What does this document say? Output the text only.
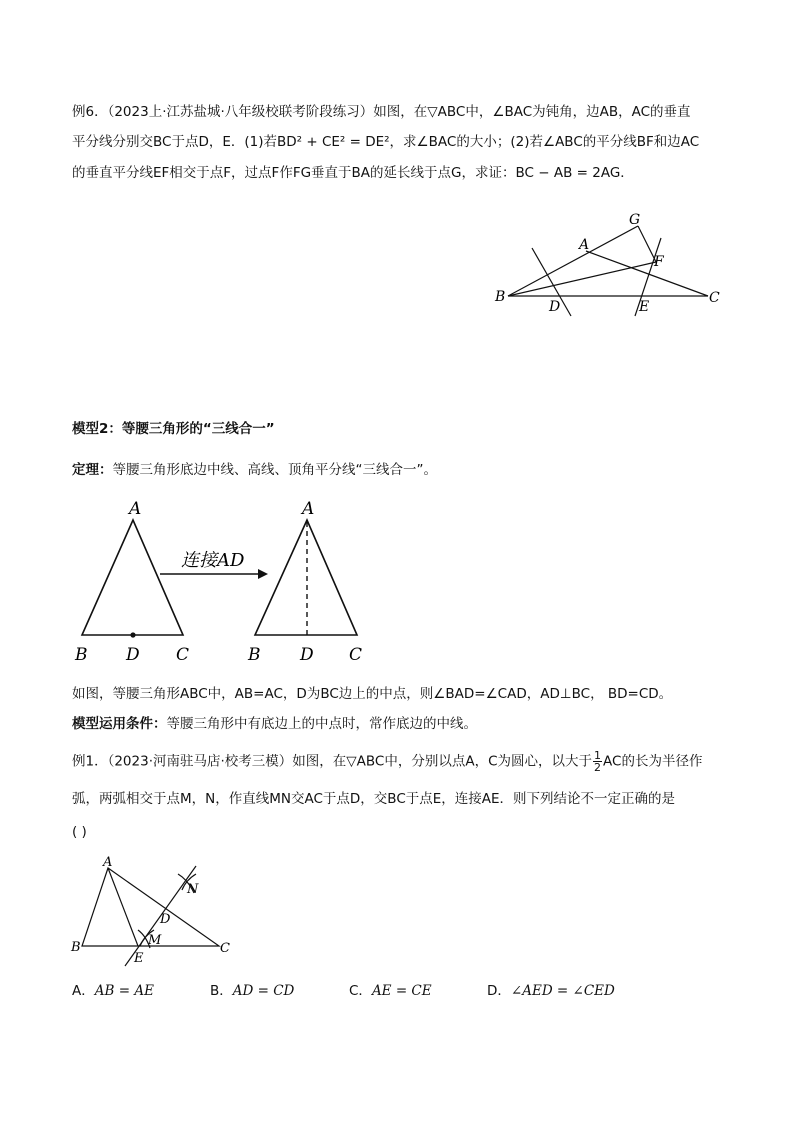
例6．（2023上·江苏盐城·八年级校联考阶段练习）如图，在▽ABC中，∠BAC为钝角，边AB，AC的垂直
平分线分别交BC于点D，E．(1)若BD² + CE² = DE²，求∠BAC的大小；(2)若∠ABC的平分线BF和边AC
的垂直平分线EF相交于点F，过点F作FG垂直于BA的延长线于点G，求证：BC − AB = 2AG．
G
A
F
B
D	E
C
模型2：等腰三角形的“三线合一”
定理：等腰三角形底边中线、高线、顶角平分线“三线合一”。
A
B D C
连接AD
A
B D C
如图，等腰三角形ABC中，AB=AC，D为BC边上的中点，则∠BAD=∠CAD，AD⊥BC， BD=CD。
模型运用条件：等腰三角形中有底边上的中点时，常作底边的中线。
例1．（2023·河南驻马店·校考三模）如图，在▽ABC中，分别以点A，C为圆心，以大于 $\frac{1}{2}$ AC的长为半径作
弧，两弧相交于点M，N，作直线MN交AC于点D，交BC于点E，连接AE．则下列结论不一定正确的是
( )
A
N
D
B	M
C
E
A．AB = AE	B．AD = CD	C．AE = CE	D．∠AED = ∠CED
